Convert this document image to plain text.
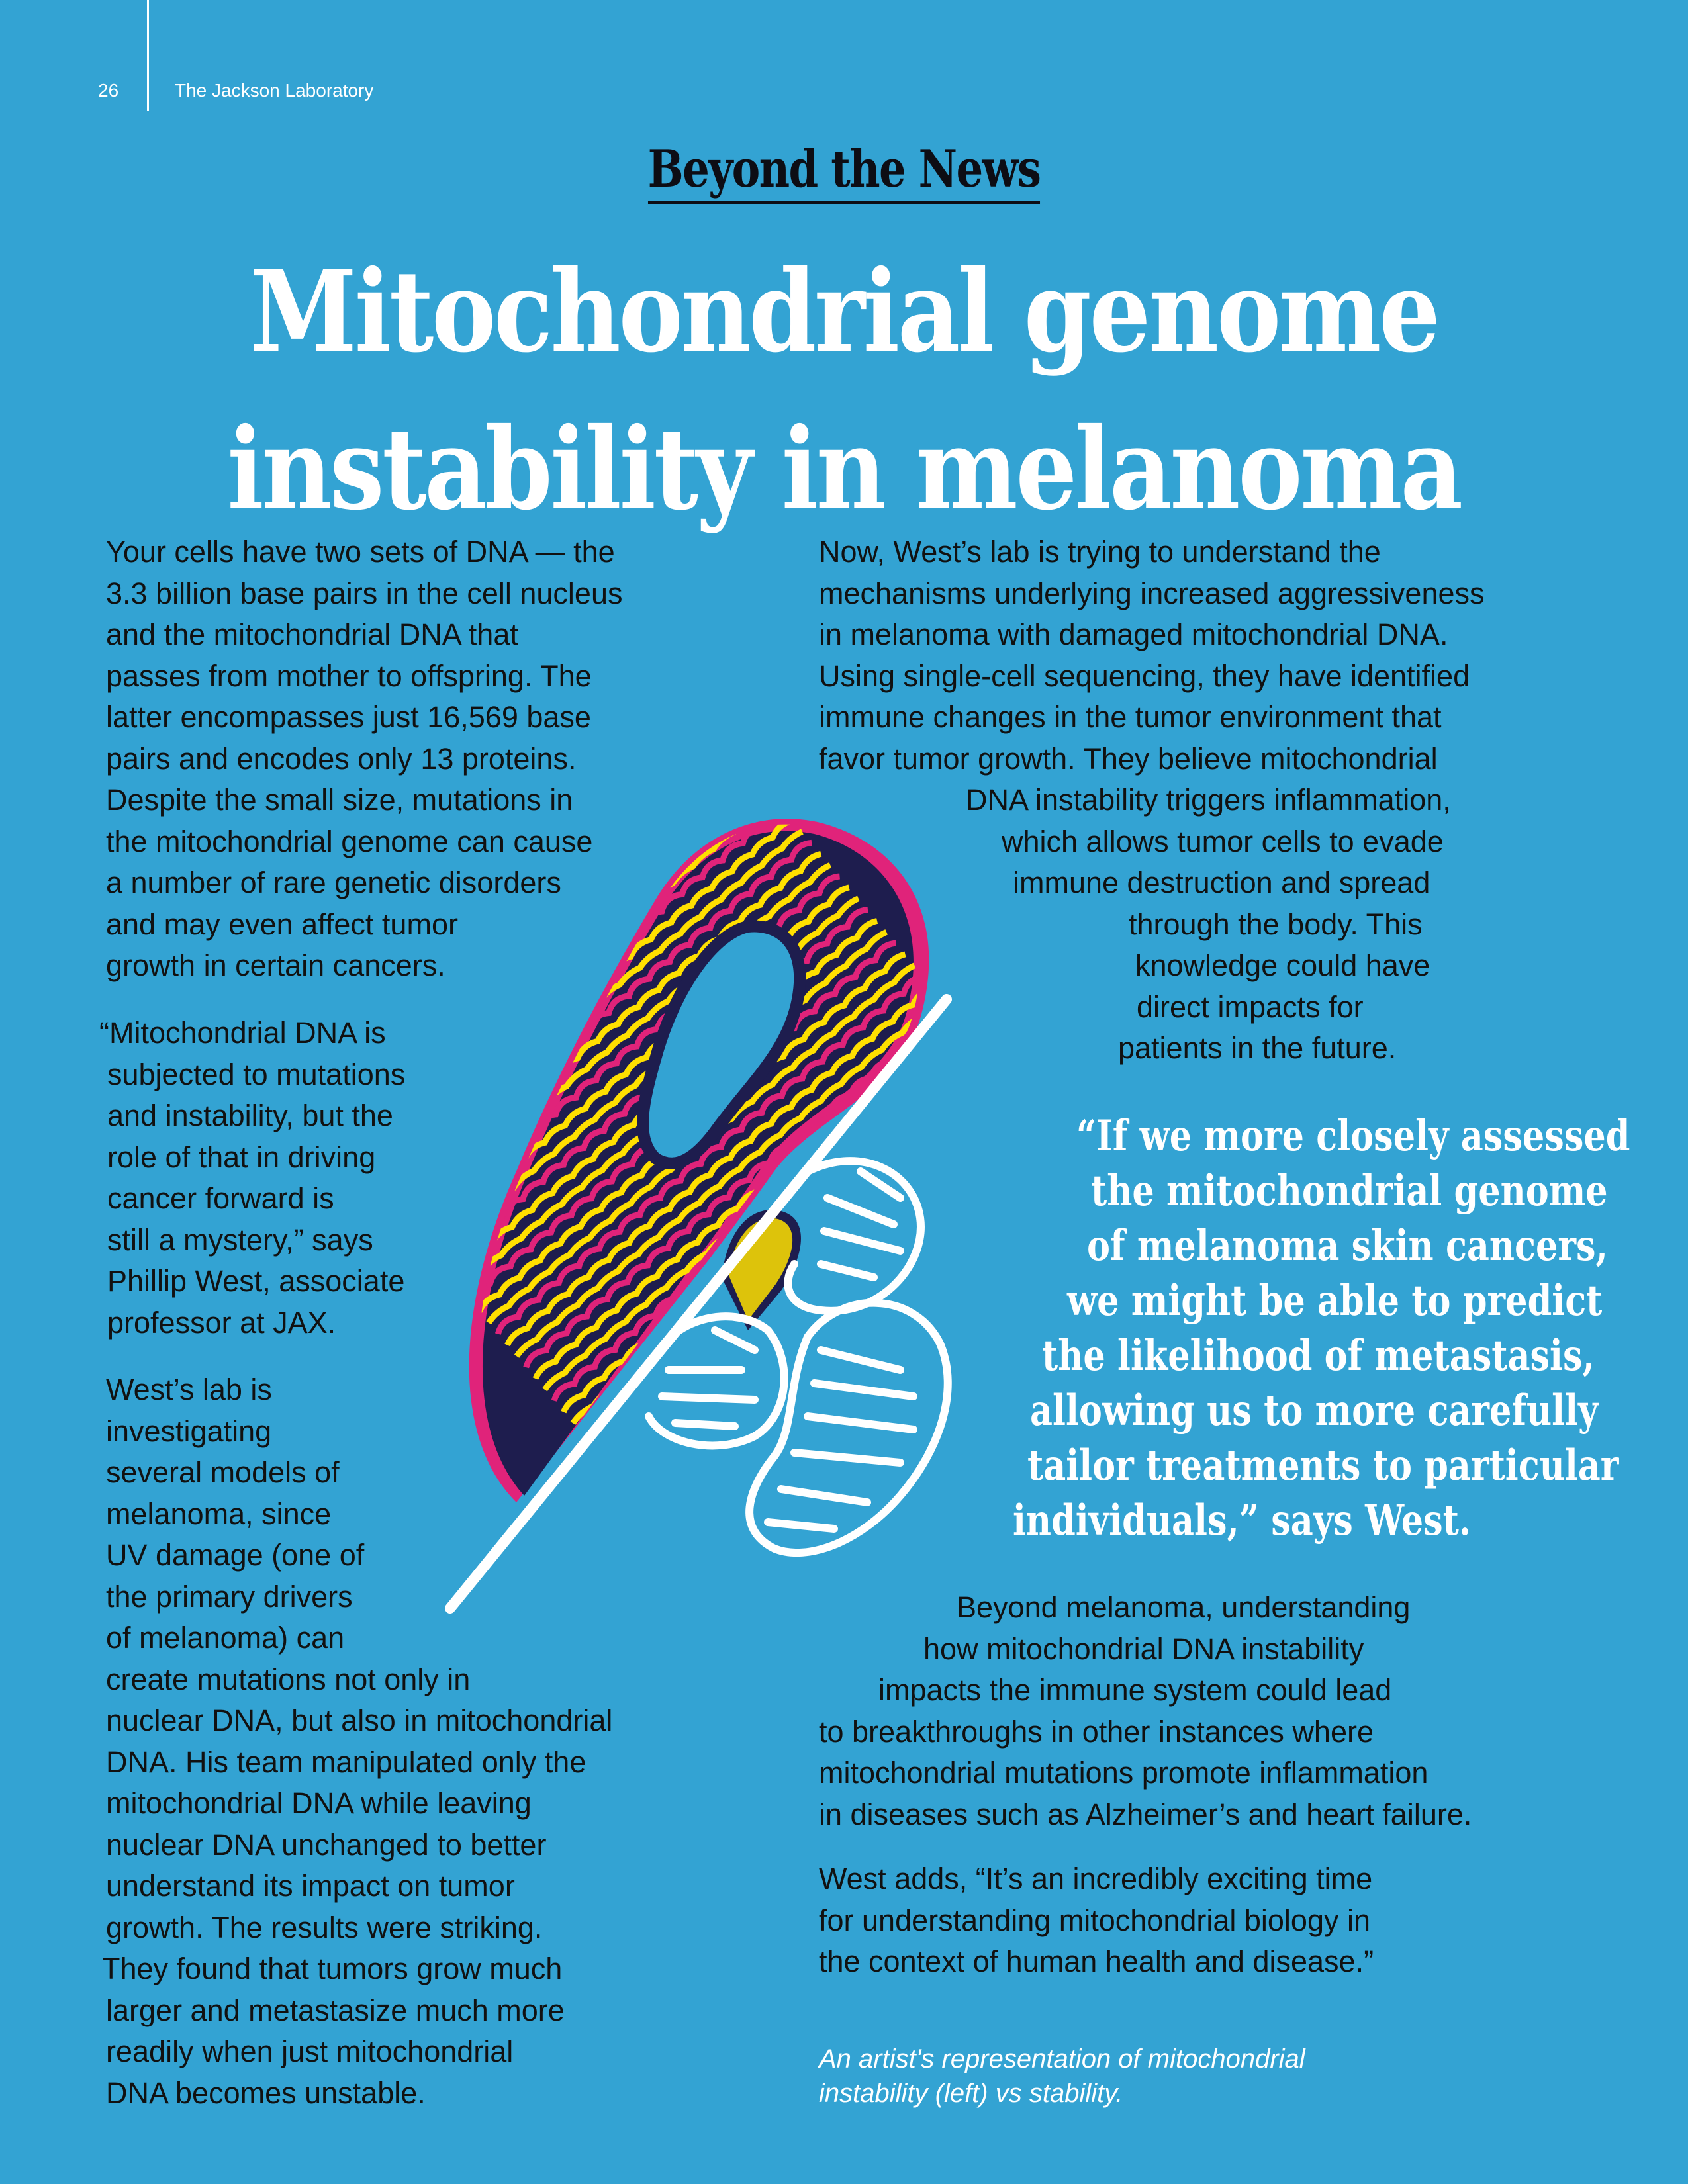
26	The Jackson Laboratory
Beyond the News
Mitochondrial genome
instability in melanoma
Your cells have two sets of DNA — the
3.3 billion base pairs in the cell nucleus
and the mitochondrial DNA that
passes from mother to offspring. The
latter encompasses just 16,569 base
pairs and encodes only 13 proteins.
Despite the small size, mutations in
the mitochondrial genome can cause
a number of rare genetic disorders
and may even affect tumor
growth in certain cancers.
“Mitochondrial DNA is
subjected to mutations
and instability, but the
role of that in driving
cancer forward is
still a mystery,” says
Phillip West, associate
professor at JAX.
West’s lab is
investigating
several models of
melanoma, since
UV damage (one of
the primary drivers
of melanoma) can
create mutations not only in
nuclear DNA, but also in mitochondrial
DNA. His team manipulated only the
mitochondrial DNA while leaving
nuclear DNA unchanged to better
understand its impact on tumor
growth. The results were striking.
They found that tumors grow much
larger and metastasize much more
readily when just mitochondrial
DNA becomes unstable.
Now, West’s lab is trying to understand the
mechanisms underlying increased aggressiveness
in melanoma with damaged mitochondrial DNA.
Using single-cell sequencing, they have identified
immune changes in the tumor environment that
favor tumor growth. They believe mitochondrial
DNA instability triggers inflammation,
which allows tumor cells to evade
immune destruction and spread
through the body. This
knowledge could have
direct impacts for
patients in the future.
“If we more closely assessed
the mitochondrial genome
of melanoma skin cancers,
we might be able to predict
the likelihood of metastasis,
allowing us to more carefully
tailor treatments to particular
individuals,” says West.
Beyond melanoma, understanding
how mitochondrial DNA instability
impacts the immune system could lead
to breakthroughs in other instances where
mitochondrial mutations promote inflammation
in diseases such as Alzheimer’s and heart failure.
West adds, “It’s an incredibly exciting time
for understanding mitochondrial biology in
the context of human health and disease.”
An artist's representation of mitochondrial
instability (left) vs stability.
